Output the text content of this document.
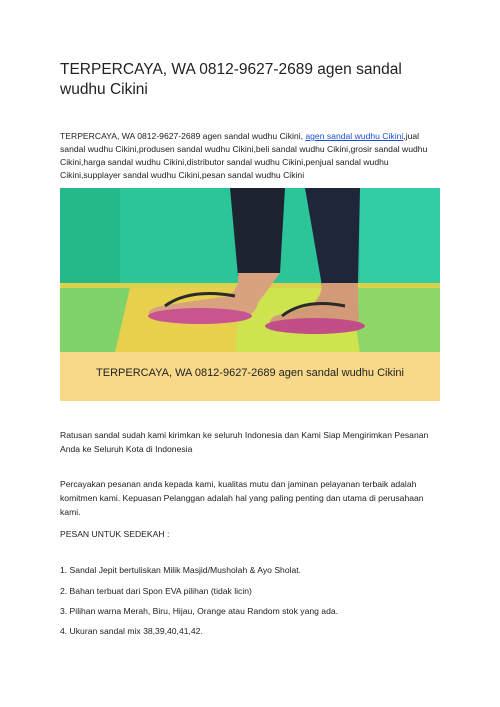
TERPERCAYA, WA 0812-9627-2689 agen sandal wudhu Cikini
TERPERCAYA, WA 0812-9627-2689 agen sandal wudhu Cikini, agen sandal wudhu Cikini,jual sandal wudhu Cikini,produsen sandal wudhu Cikini,beli sandal wudhu Cikini,grosir sandal wudhu Cikini,harga sandal wudhu Cikini,distributor sandal wudhu Cikini,penjual sandal wudhu Cikini,supplayer sandal wudhu Cikini,pesan sandal wudhu Cikini
TERPERCAYA, WA 0812-9627-2689 agen sandal wudhu Cikini
Ratusan sandal sudah kami kirimkan ke seluruh Indonesia dan Kami Siap Mengirimkan Pesanan Anda ke Seluruh Kota di Indonesia
Percayakan pesanan anda kepada kami, kualitas mutu dan jaminan pelayanan terbaik adalah komitmen kami. Kepuasan Pelanggan adalah hal yang paling penting dan utama di perusahaan kami.
PESAN UNTUK SEDEKAH :
1. Sandal Jepit bertuliskan Milik Masjid/Musholah & Ayo Sholat.
2. Bahan terbuat dari Spon EVA pilihan (tidak licin)
3. Pilihan warna Merah, Biru, Hijau, Orange atau Random stok yang ada.
4. Ukuran sandal mix 38,39,40,41,42.
